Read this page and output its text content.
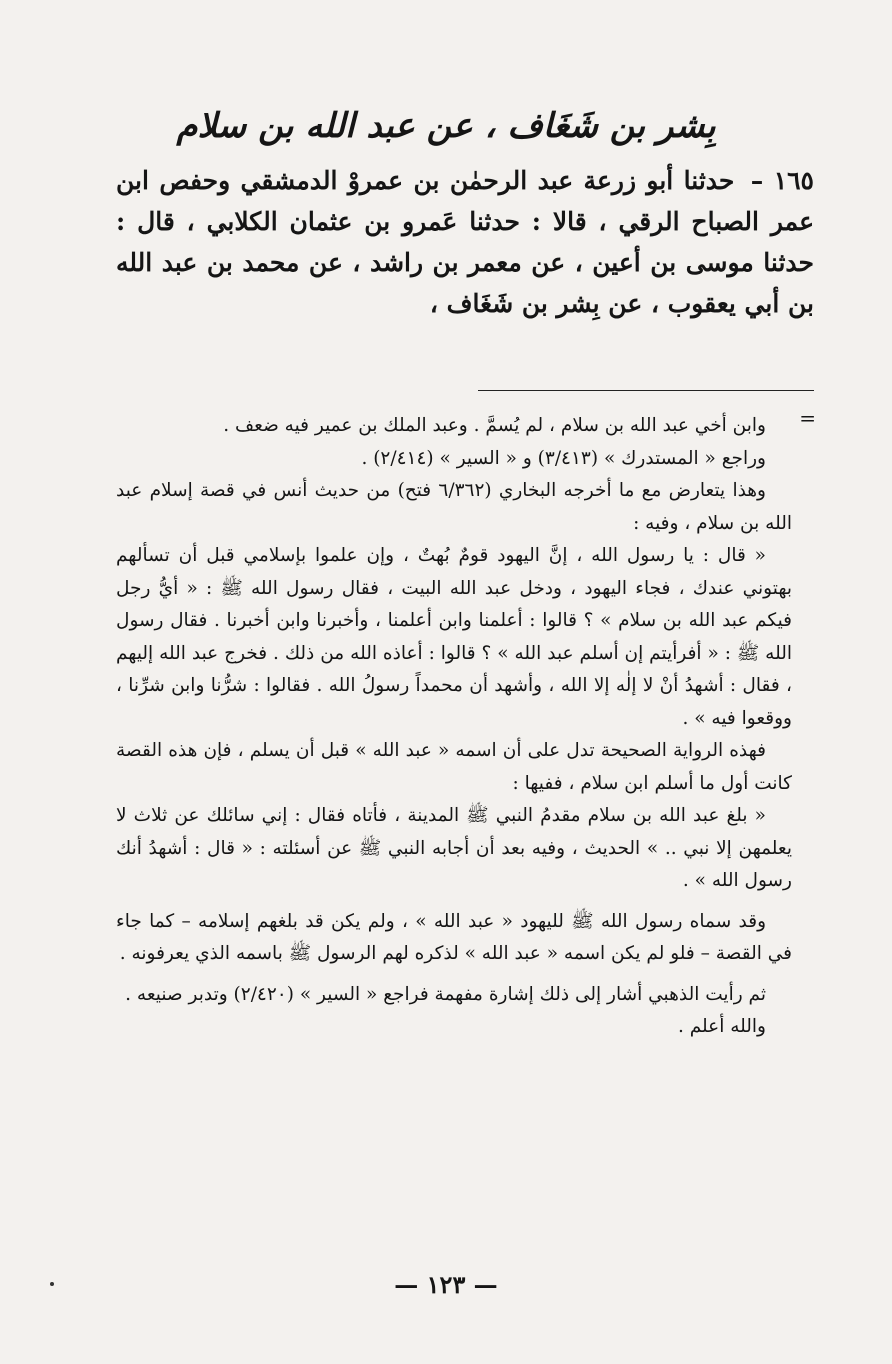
بِشر بن شَغَاف ، عن عبد الله بن سلام
١٦٥ – حدثنا أبو زرعة عبد الرحمٰن بن عمروْ الدمشقي وحفص ابن عمر الصباح الرقي ، قالا : حدثنا عَمرو بن عثمان الكلابي ، قال : حدثنا موسى بن أعين ، عن معمر بن راشد ، عن محمد بن عبد الله بن أبي يعقوب ، عن بِشر بن شَغَاف ،
=

وابن أخي عبد الله بن سلام ، لم يُسمَّ . وعبد الملك بن عمير فيه ضعف .

وراجع « المستدرك » (٣/٤١٣) و « السير » (٢/٤١٤) .

وهذا يتعارض مع ما أخرجه البخاري (٦/٣٦٢ فتح) من حديث أنس في قصة إسلام عبد الله بن سلام ، وفيه :

« قال : يا رسول الله ، إنَّ اليهود قومٌ بُهتٌ ، وإن علموا بإسلامي قبل أن تسألهم بهتوني عندك ، فجاء اليهود ، ودخل عبد الله البيت ، فقال رسول الله ﷺ : « أيُّ رجل فيكم عبد الله بن سلام » ؟ قالوا : أعلمنا وابن أعلمنا ، وأخبرنا وابن أخبرنا . فقال رسول الله ﷺ : « أفرأيتم إن أسلم عبد الله » ؟ قالوا : أعاذه الله من ذلك . فخرج عبد الله إليهم ، فقال : أشهدُ أنْ لا إلٰه إلا الله ، وأشهد أن محمداً رسولُ الله . فقالوا : شرُّنا وابن شرِّنا ، ووقعوا فيه » .

فهذه الرواية الصحيحة تدل على أن اسمه « عبد الله » قبل أن يسلم ، فإن هذه القصة كانت أول ما أسلم ابن سلام ، ففيها :

« بلغ عبد الله بن سلام مقدمُ النبي ﷺ المدينة ، فأتاه فقال : إني سائلك عن ثلاث لا يعلمهن إلا نبي .. » الحديث ، وفيه بعد أن أجابه النبي ﷺ عن أسئلته : « قال : أشهدُ أنك رسول الله » .

وقد سماه رسول الله ﷺ لليهود « عبد الله » ، ولم يكن قد بلغهم إسلامه – كما جاء في القصة – فلو لم يكن اسمه « عبد الله » لذكره لهم الرسول ﷺ باسمه الذي يعرفونه .

ثم رأيت الذهبي أشار إلى ذلك إشارة مفهمة فراجع « السير » (٢/٤٢٠) وتدبر صنيعه .

والله أعلم .

— ١٢٣ —
